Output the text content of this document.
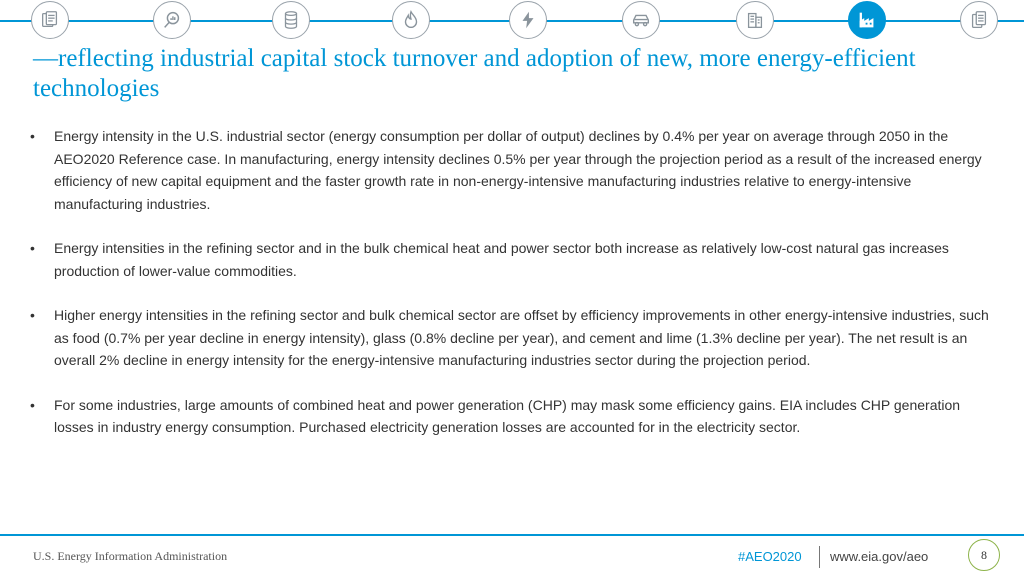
—reflecting industrial capital stock turnover and adoption of new, more energy-efficient technologies
•	Energy intensity in the U.S. industrial sector (energy consumption per dollar of output) declines by 0.4% per year on average through 2050 in the AEO2020 Reference case. In manufacturing, energy intensity declines 0.5% per year through the projection period as a result of the increased energy efficiency of new capital equipment and the faster growth rate in non-energy-intensive manufacturing industries relative to energy-intensive manufacturing industries.
•	Energy intensities in the refining sector and in the bulk chemical heat and power sector both increase as relatively low-cost natural gas increases production of lower-value commodities.
•	Higher energy intensities in the refining sector and bulk chemical sector are offset by efficiency improvements in other energy-intensive industries, such as food (0.7% per year decline in energy intensity), glass (0.8% decline per year), and cement and lime (1.3% decline per year). The net result is an overall 2% decline in energy intensity for the energy-intensive manufacturing industries sector during the projection period.
•	For some industries, large amounts of combined heat and power generation (CHP) may mask some efficiency gains. EIA includes CHP generation losses in industry energy consumption. Purchased electricity generation losses are accounted for in the electricity sector.
U.S. Energy Information Administration	#AEO2020 www.eia.gov/aeo	8
